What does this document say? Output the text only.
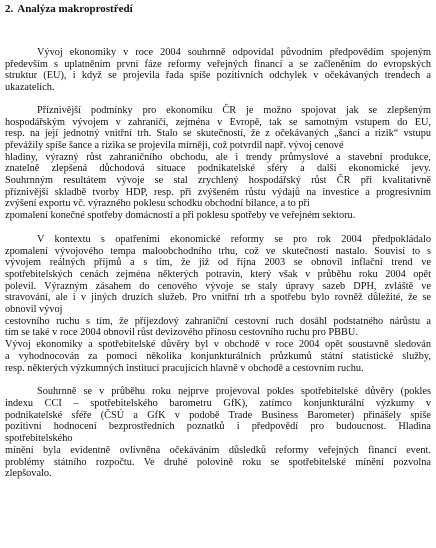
2. Analýza makroprostředí
Vývoj ekonomiky v roce 2004 souhrnně odpovídal původním předpovědím spojeným
především s uplatněním první fáze reformy veřejných financí a se začleněním do evropských
struktur (EU), i když se projevila řada spíše pozitivních odchylek v očekávaných trendech a
ukazatelích.
Příznivější podmínky pro ekonomiku ČR je možno spojovat jak se zlepšeným
hospodářským vývojem v zahraničí, zejména v Evropě, tak se samotným vstupem do EU,
resp. na její jednotný vnitřní trh. Stalo se skutečností, že z očekávaných „šancí a rizik“ vstupu
převážily spíše šance a rizika se projevila mírněji, což potvrdil např. vývoj cenové
hladiny, výrazný růst zahraničního obchodu, ale i trendy průmyslové a stavební produkce,
znatelně zlepšená důchodová situace podnikatelské sféry a další ekonomické jevy.
Souhrnným resultátem vývoje se stal zrychlený hospodářský růst ČR při kvalitativně
příznivější skladbě tvorby HDP, resp. při zvýšeném růstu výdajů na investice a progresivním
zvýšení exportu vč. výrazného poklesu schodku obchodní bilance, a to při
zpomalení konečné spotřeby domácností a při poklesu spotřeby ve veřejném sektoru.
V kontextu s opatřeními ekonomické reformy se pro rok 2004 předpokládalo
zpomalení vývojového tempa maloobchodního trhu, což ve skutečnosti nastalo. Souvisí to s
vývojem reálných příjmů a s tím, že již od října 2003 se obnovil inflační trend ve
spotřebitelských cenách zejména některých potravin, který však v průběhu roku 2004 opět
polevil. Výrazným zásahem do cenového vývoje se staly úpravy sazeb DPH, zvláště ve
stravování, ale i v jiných druzích služeb. Pro vnitřní trh a spotřebu bylo rovněž důležité, že se
obnovil vývoj
cestovního ruchu s tím, že příjezdový zahraniční cestovní ruch dosáhl podstatného nárůstu a
tím se také v roce 2004 obnovil růst devizového přínosu cestovního ruchu pro PBBU.
Vývoj ekonomiky a spotřebitelské důvěry byl v obchodě v roce 2004 opět soustavně sledován
a vyhodnocován za pomoci několika konjunkturálních průzkumů státní statistické služby,
resp. některých výzkumných institucí pracujících hlavně v obchodě a cestovním ruchu.
Souhrnně se v průběhu roku nejprve projevoval pokles spotřebitelské důvěry (pokles
indexu CCI – spotřebitelského barometru GfK), zatímco konjunkturální výzkumy v
podnikatelské sféře (ČSÚ a GfK v podobě Trade Business Barometer) přinášely spíše
pozitivní hodnocení bezprostředních poznatků i předpovědí pro budoucnost. Hladina
spotřebitelského
mínění byla evidentně ovlivněna očekáváním důsledků reformy veřejných financí event.
problémy státního rozpočtu. Ve druhé polovině roku se spotřebitelské mínění pozvolna
zlepšovalo.
